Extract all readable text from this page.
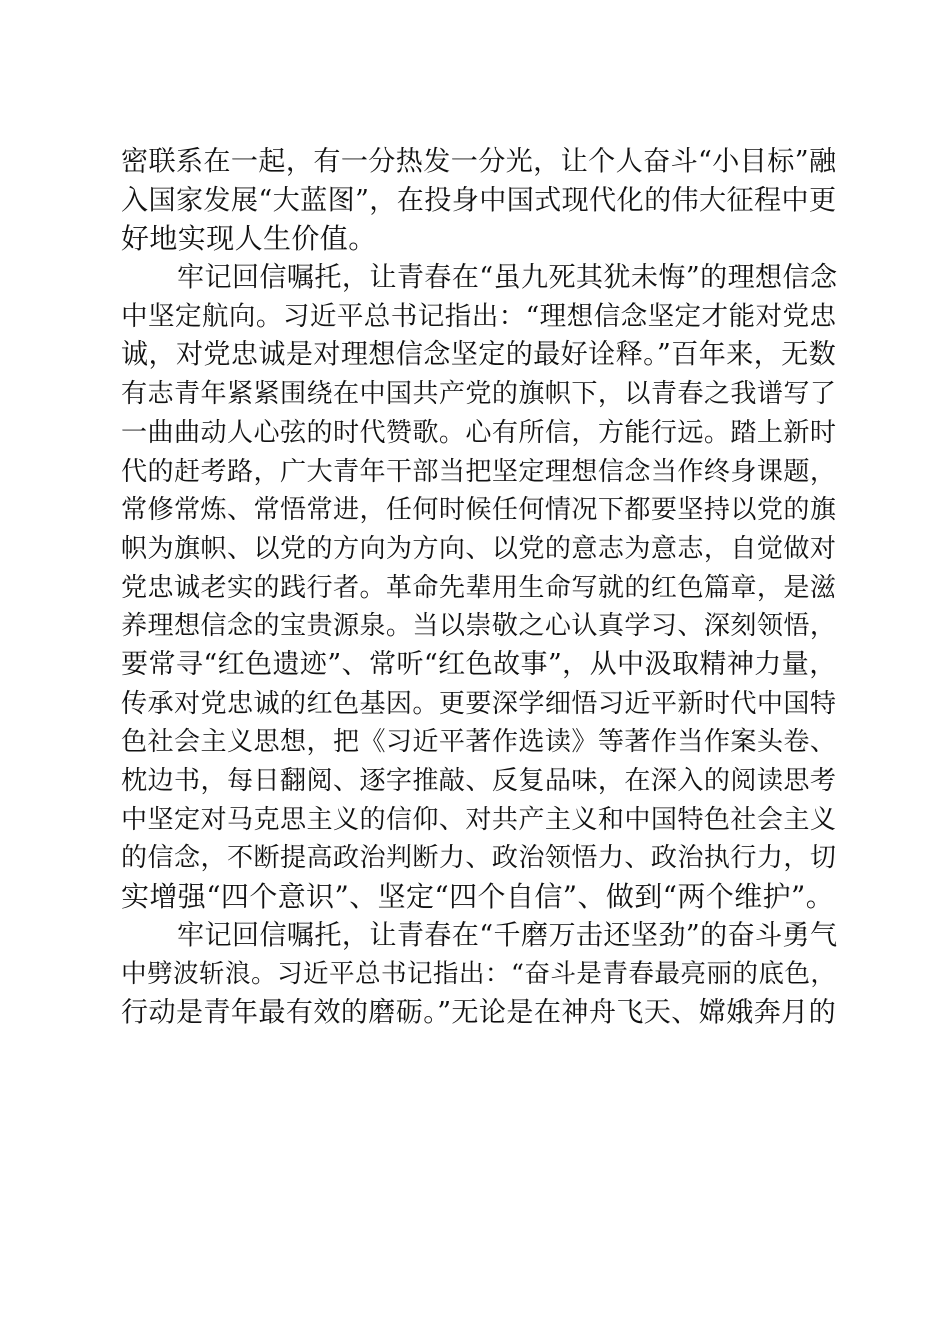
密联系在一起，有一分热发一分光，让个人奋斗“小目标”融
入国家发展“大蓝图”，在投身中国式现代化的伟大征程中更
好地实现人生价值。
牢记回信嘱托，让青春在“虽九死其犹未悔”的理想信念
中坚定航向。习近平总书记指出：“理想信念坚定才能对党忠
诚，对党忠诚是对理想信念坚定的最好诠释。”百年来，无数
有志青年紧紧围绕在中国共产党的旗帜下，以青春之我谱写了
一曲曲动人心弦的时代赞歌。心有所信，方能行远。踏上新时
代的赶考路，广大青年干部当把坚定理想信念当作终身课题，
常修常炼、常悟常进，任何时候任何情况下都要坚持以党的旗
帜为旗帜、以党的方向为方向、以党的意志为意志，自觉做对
党忠诚老实的践行者。革命先辈用生命写就的红色篇章，是滋
养理想信念的宝贵源泉。当以崇敬之心认真学习、深刻领悟，
要常寻“红色遗迹”、常听“红色故事”，从中汲取精神力量，
传承对党忠诚的红色基因。更要深学细悟习近平新时代中国特
色社会主义思想，把《习近平著作选读》等著作当作案头卷、
枕边书，每日翻阅、逐字推敲、反复品味，在深入的阅读思考
中坚定对马克思主义的信仰、对共产主义和中国特色社会主义
的信念，不断提高政治判断力、政治领悟力、政治执行力，切
实增强“四个意识”、坚定“四个自信”、做到“两个维护”。
牢记回信嘱托，让青春在“千磨万击还坚劲”的奋斗勇气
中劈波斩浪。习近平总书记指出：“奋斗是青春最亮丽的底色，
行动是青年最有效的磨砺。”无论是在神舟飞天、嫦娥奔月的
